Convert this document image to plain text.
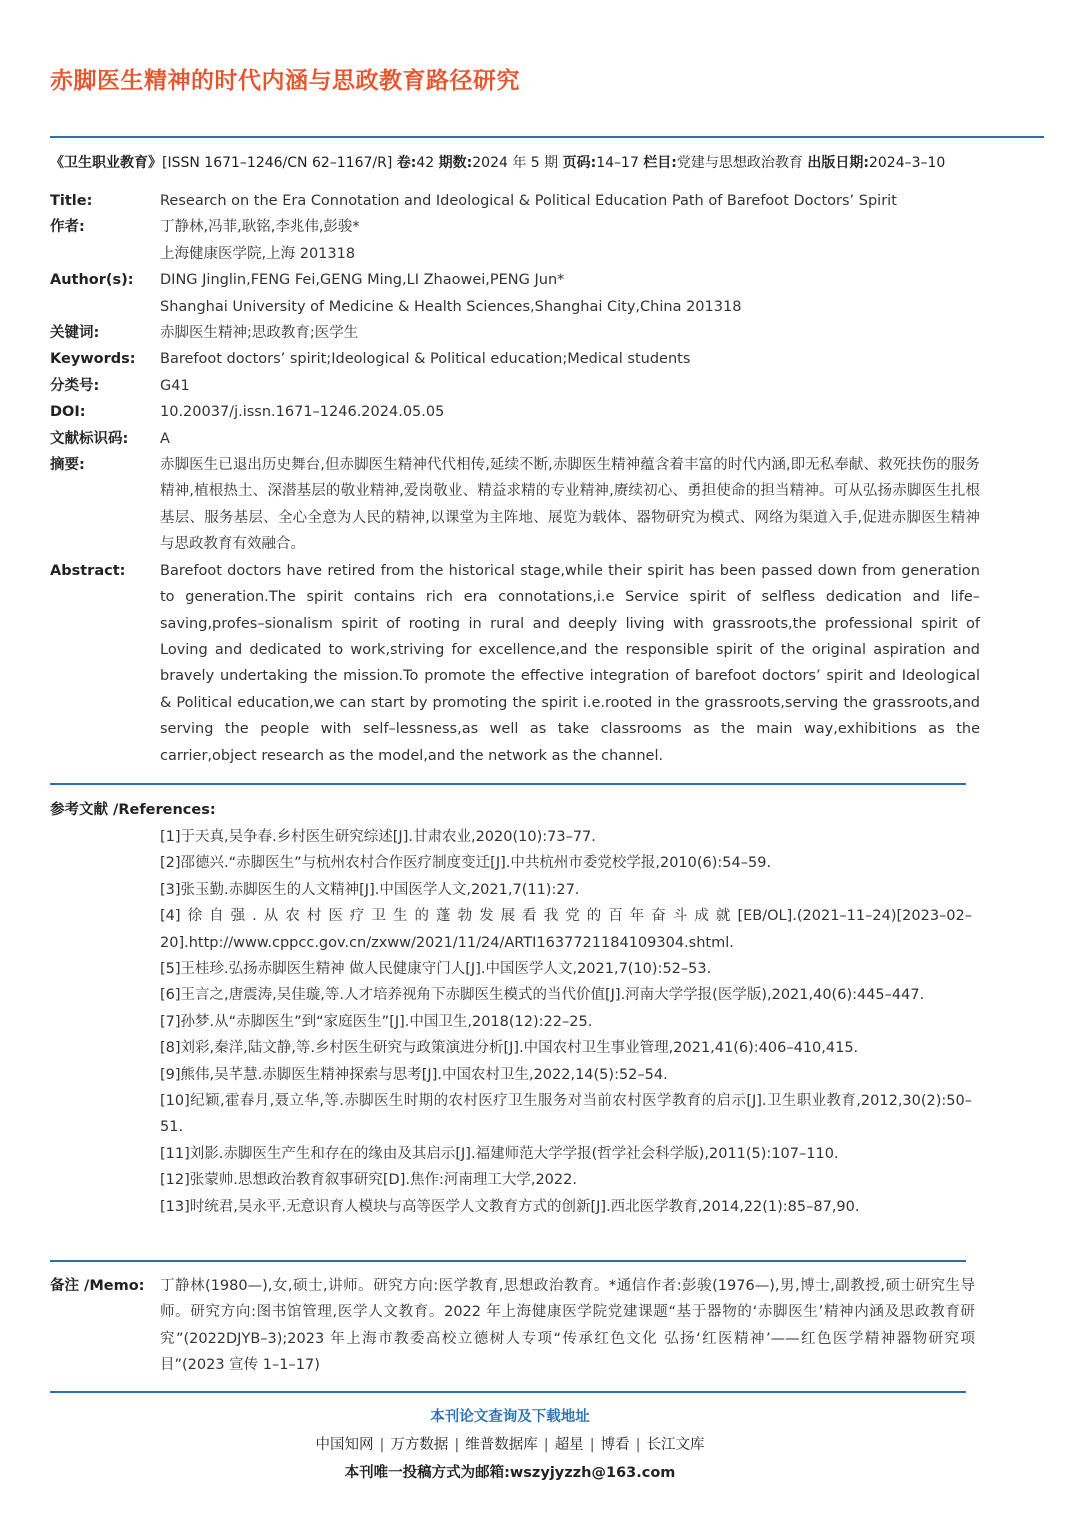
赤脚医生精神的时代内涵与思政教育路径研究
《卫生职业教育》[ISSN 1671–1246/CN 62–1167/R] 卷:42 期数:2024 年 5 期 页码:14–17 栏目:党建与思想政治教育 出版日期:2024–3–10
Title:	Research on the Era Connotation and Ideological & Political Education Path of Barefoot Doctors’ Spirit
作者:	丁静林,冯菲,耿铭,李兆伟,彭骏*
上海健康医学院,上海 201318
Author(s):	DING Jinglin,FENG Fei,GENG Ming,LI Zhaowei,PENG Jun*
Shanghai University of Medicine & Health Sciences,Shanghai City,China 201318
关键词:	赤脚医生精神;思政教育;医学生
Keywords:	Barefoot doctors’ spirit;Ideological & Political education;Medical students
分类号:	G41
DOI:	10.20037/j.issn.1671–1246.2024.05.05
文献标识码:	A
摘要:	赤脚医生已退出历史舞台,但赤脚医生精神代代相传,延续不断,赤脚医生精神蕴含着丰富的时代内涵,即无私奉献、救死扶伤的服务精神,植根热土、深潜基层的敬业精神,爱岗敬业、精益求精的专业精神,赓续初心、勇担使命的担当精神。可从弘扬赤脚医生扎根基层、服务基层、全心全意为人民的精神,以课堂为主阵地、展览为载体、器物研究为模式、网络为渠道入手,促进赤脚医生精神与思政教育有效融合。
Abstract:	Barefoot doctors have retired from the historical stage,while their spirit has been passed down from generation to generation.The spirit contains rich era connotations,i.e Service spirit of selfless dedication and life–saving,profes–sionalism spirit of rooting in rural and deeply living with grassroots,the professional spirit of Loving and dedicated to work,striving for excellence,and the responsible spirit of the original aspiration and bravely undertaking the mission.To promote the effective integration of barefoot doctors’ spirit and Ideological & Political education,we can start by promoting the spirit i.e.rooted in the grassroots,serving the grassroots,and serving the people with self–lessness,as well as take classrooms as the main way,exhibitions as the carrier,object research as the model,and the network as the channel.
参考文献 /References:
[1]于天真,吴争春.乡村医生研究综述[J].甘肃农业,2020(10):73–77.
[2]邵德兴.“赤脚医生”与杭州农村合作医疗制度变迁[J].中共杭州市委党校学报,2010(6):54–59.
[3]张玉勤.赤脚医生的人文精神[J].中国医学人文,2021,7(11):27.
[4]徐自强.从农村医疗卫生的蓬勃发展看我党的百年奋斗成就[EB/OL].(2021–11–24)[2023–02–20].http://www.cppcc.gov.cn/zxww/2021/11/24/ARTI1637721184109304.shtml.
[5]王桂珍.弘扬赤脚医生精神 做人民健康守门人[J].中国医学人文,2021,7(10):52–53.
[6]王言之,唐震涛,吴佳璇,等.人才培养视角下赤脚医生模式的当代价值[J].河南大学学报(医学版),2021,40(6):445–447.
[7]孙梦.从“赤脚医生”到“家庭医生”[J].中国卫生,2018(12):22–25.
[8]刘彩,秦洋,陆文静,等.乡村医生研究与政策演进分析[J].中国农村卫生事业管理,2021,41(6):406–410,415.
[9]熊伟,吴芊慧.赤脚医生精神探索与思考[J].中国农村卫生,2022,14(5):52–54.
[10]纪颖,霍春月,聂立华,等.赤脚医生时期的农村医疗卫生服务对当前农村医学教育的启示[J].卫生职业教育,2012,30(2):50–51.
[11]刘影.赤脚医生产生和存在的缘由及其启示[J].福建师范大学学报(哲学社会科学版),2011(5):107–110.
[12]张蒙帅.思想政治教育叙事研究[D].焦作:河南理工大学,2022.
[13]时统君,吴永平.无意识育人模块与高等医学人文教育方式的创新[J].西北医学教育,2014,22(1):85–87,90.
备注 /Memo:	丁静林(1980—),女,硕士,讲师。研究方向:医学教育,思想政治教育。*通信作者:彭骏(1976—),男,博士,副教授,硕士研究生导师。研究方向:图书馆管理,医学人文教育。2022 年上海健康医学院党建课题“基于器物的‘赤脚医生’精神内涵及思政教育研究”(2022DJYB–3);2023 年上海市教委高校立德树人专项“传承红色文化 弘扬‘红医精神’——红色医学精神器物研究项目”(2023 宣传 1–1–17)
本刊论文查询及下载地址
中国知网 | 万方数据 | 维普数据库 | 超星 | 博看 | 长江文库
本刊唯一投稿方式为邮箱:wszyjyzzh@163.com
